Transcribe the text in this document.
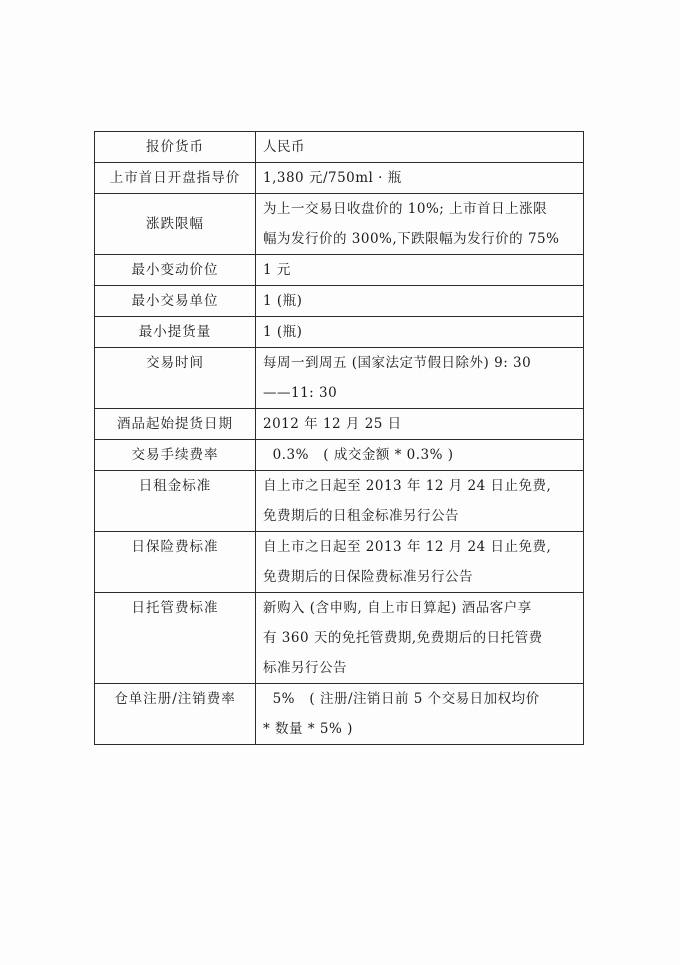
报价货币	人民币
上市首日开盘指导价	1,380 元/750ml · 瓶
涨跌限幅	为上一交易日收盘价的 10%; 上市首日上涨限
幅为发行价的 300%,下跌限幅为发行价的 75%
最小变动价位	1 元
最小交易单位	1 (瓶)
最小提货量	1 (瓶)
交易时间	每周一到周五 (国家法定节假日除外) 9: 30
——11: 30
酒品起始提货日期	2012 年 12 月 25 日
交易手续费率	0.3%   ( 成交金额 * 0.3% )
日租金标准	自上市之日起至 2013 年 12 月 24 日止免费,
免费期后的日租金标准另行公告
日保险费标准	自上市之日起至 2013 年 12 月 24 日止免费,
免费期后的日保险费标准另行公告
日托管费标准	新购入 (含申购, 自上市日算起) 酒品客户享
有 360 天的免托管费期,免费期后的日托管费
标准另行公告
仓单注册/注销费率	5%   ( 注册/注销日前 5 个交易日加权均价
* 数量 * 5% )
